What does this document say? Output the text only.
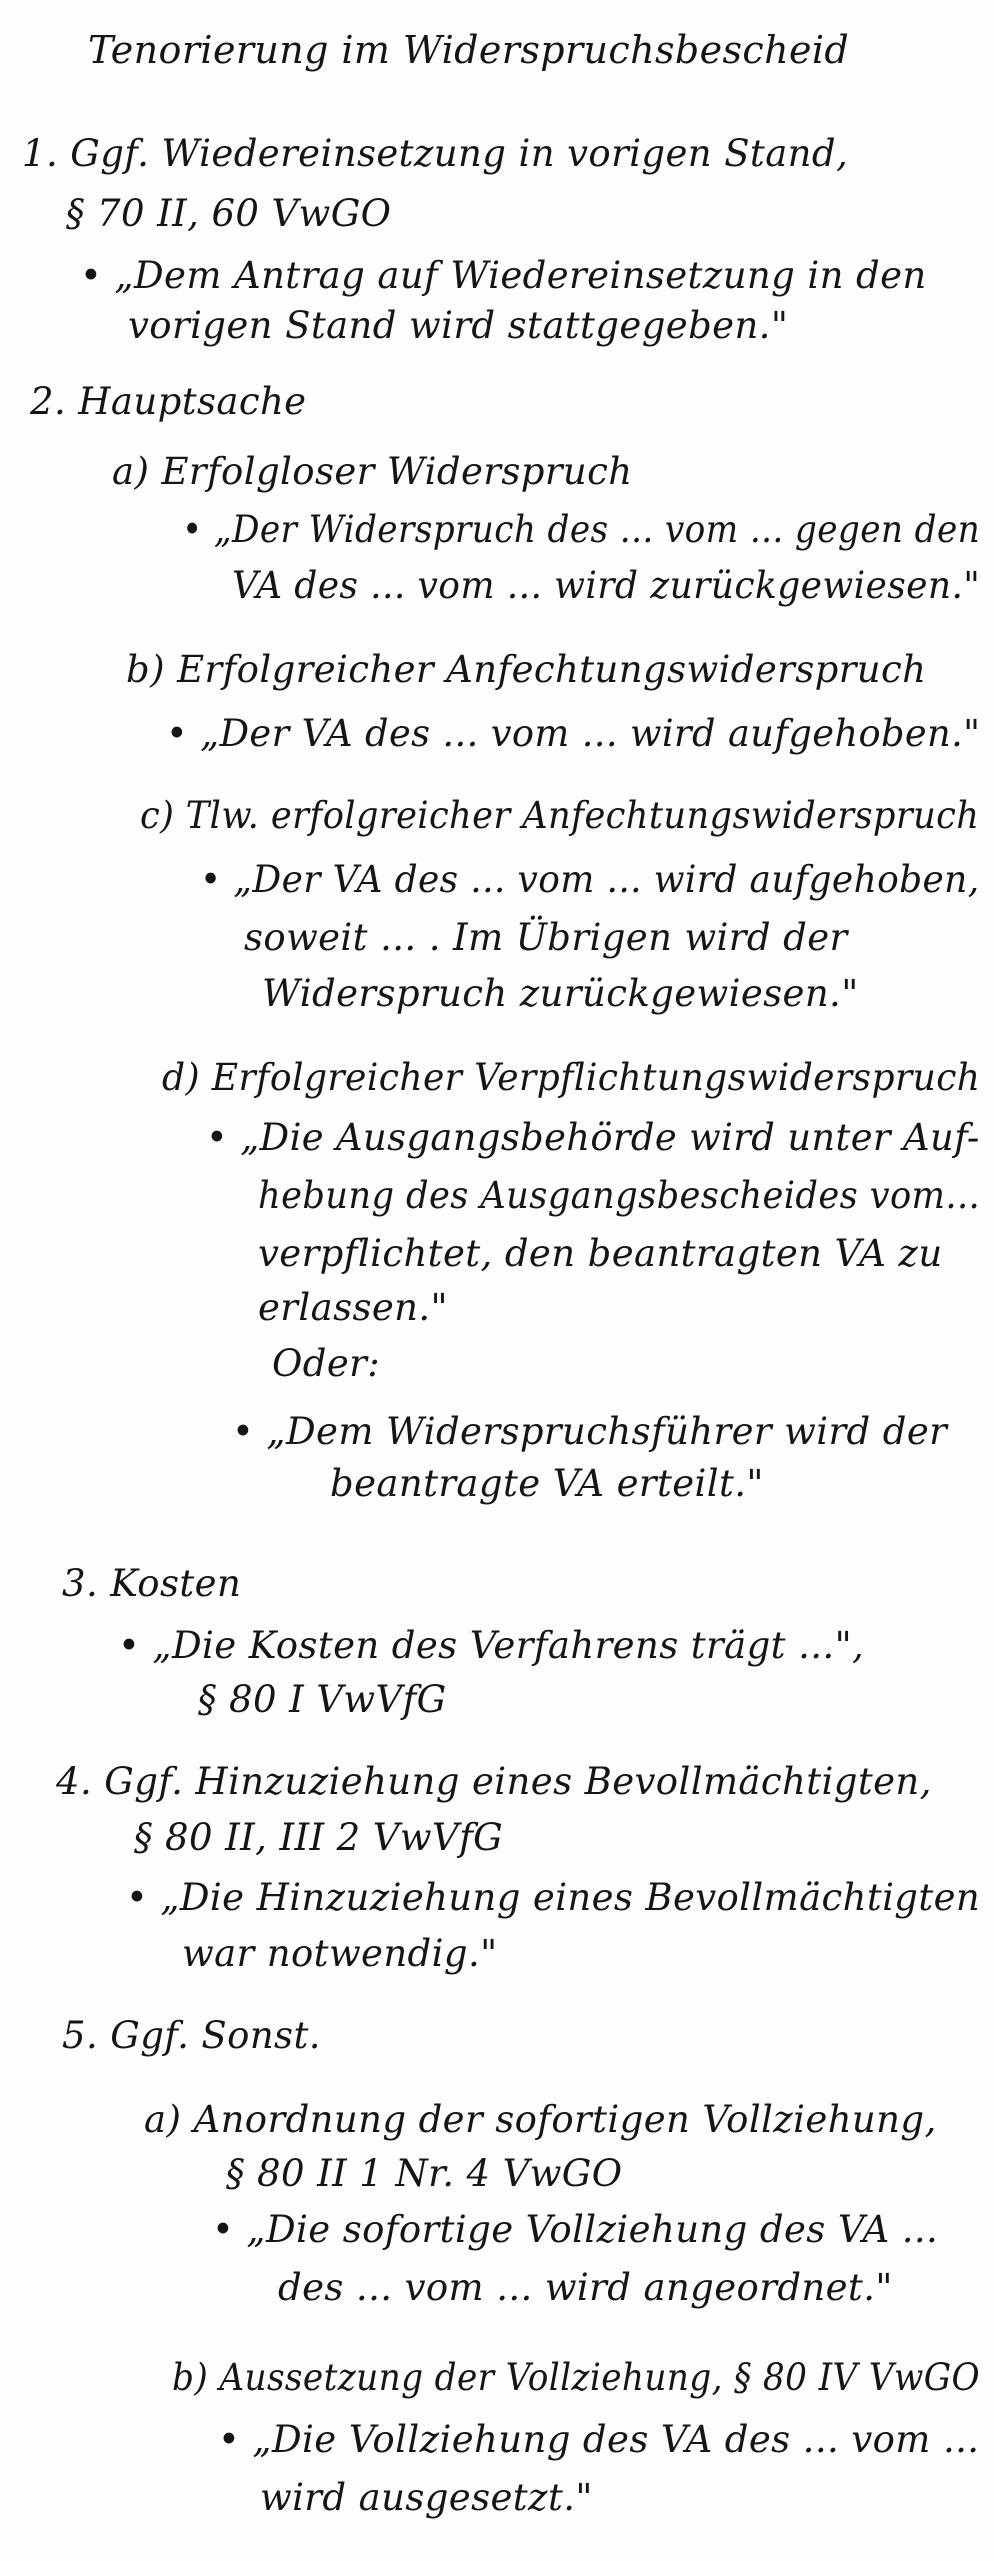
Tenorierung im Widerspruchsbescheid
1. Ggf. Wiedereinsetzung in vorigen Stand,
§ 70 II, 60 VwGO
• „Dem Antrag auf Wiedereinsetzung in den
vorigen Stand wird stattgegeben."
2. Hauptsache
a) Erfolgloser Widerspruch
• „Der Widerspruch des ... vom ... gegen den
VA des ... vom ... wird zurückgewiesen."
b) Erfolgreicher Anfechtungswiderspruch
• „Der VA des ... vom ... wird aufgehoben."
c) Tlw. erfolgreicher Anfechtungswiderspruch
• „Der VA des ... vom ... wird aufgehoben,
soweit ... . Im Übrigen wird der
Widerspruch zurückgewiesen."
d) Erfolgreicher Verpflichtungswiderspruch
• „Die Ausgangsbehörde wird unter Auf-
hebung des Ausgangsbescheides vom...
verpflichtet, den beantragten VA zu
erlassen."
Oder:
• „Dem Widerspruchsführer wird der
beantragte VA erteilt."
3. Kosten
• „Die Kosten des Verfahrens trägt ...",
§ 80 I VwVfG
4. Ggf. Hinzuziehung eines Bevollmächtigten,
§ 80 II, III 2 VwVfG
• „Die Hinzuziehung eines Bevollmächtigten
war notwendig."
5. Ggf. Sonst.
a) Anordnung der sofortigen Vollziehung,
§ 80 II 1 Nr. 4 VwGO
• „Die sofortige Vollziehung des VA ...
des ... vom ... wird angeordnet."
b) Aussetzung der Vollziehung, § 80 IV VwGO
• „Die Vollziehung des VA des ... vom ...
wird ausgesetzt."
